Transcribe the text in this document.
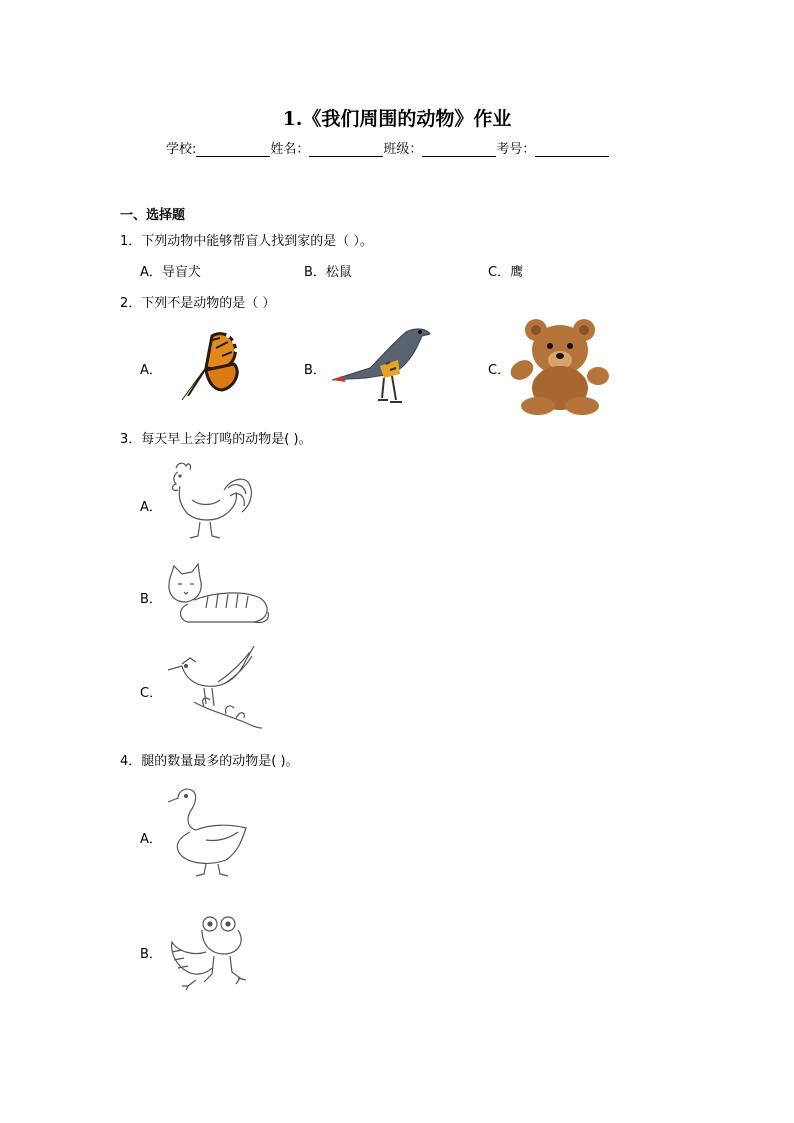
1.《我们周围的动物》作业
学校:	姓名：	班级：	考号：
一、选择题
1．下列动物中能够帮盲人找到家的是（ ）。
A．导盲犬	B．松鼠	C．鹰
2．下列不是动物的是（ ）
A．	B．	C．
3．每天早上会打鸣的动物是( )。
A．
B．
C．
4．腿的数量最多的动物是( )。
A．
B．
